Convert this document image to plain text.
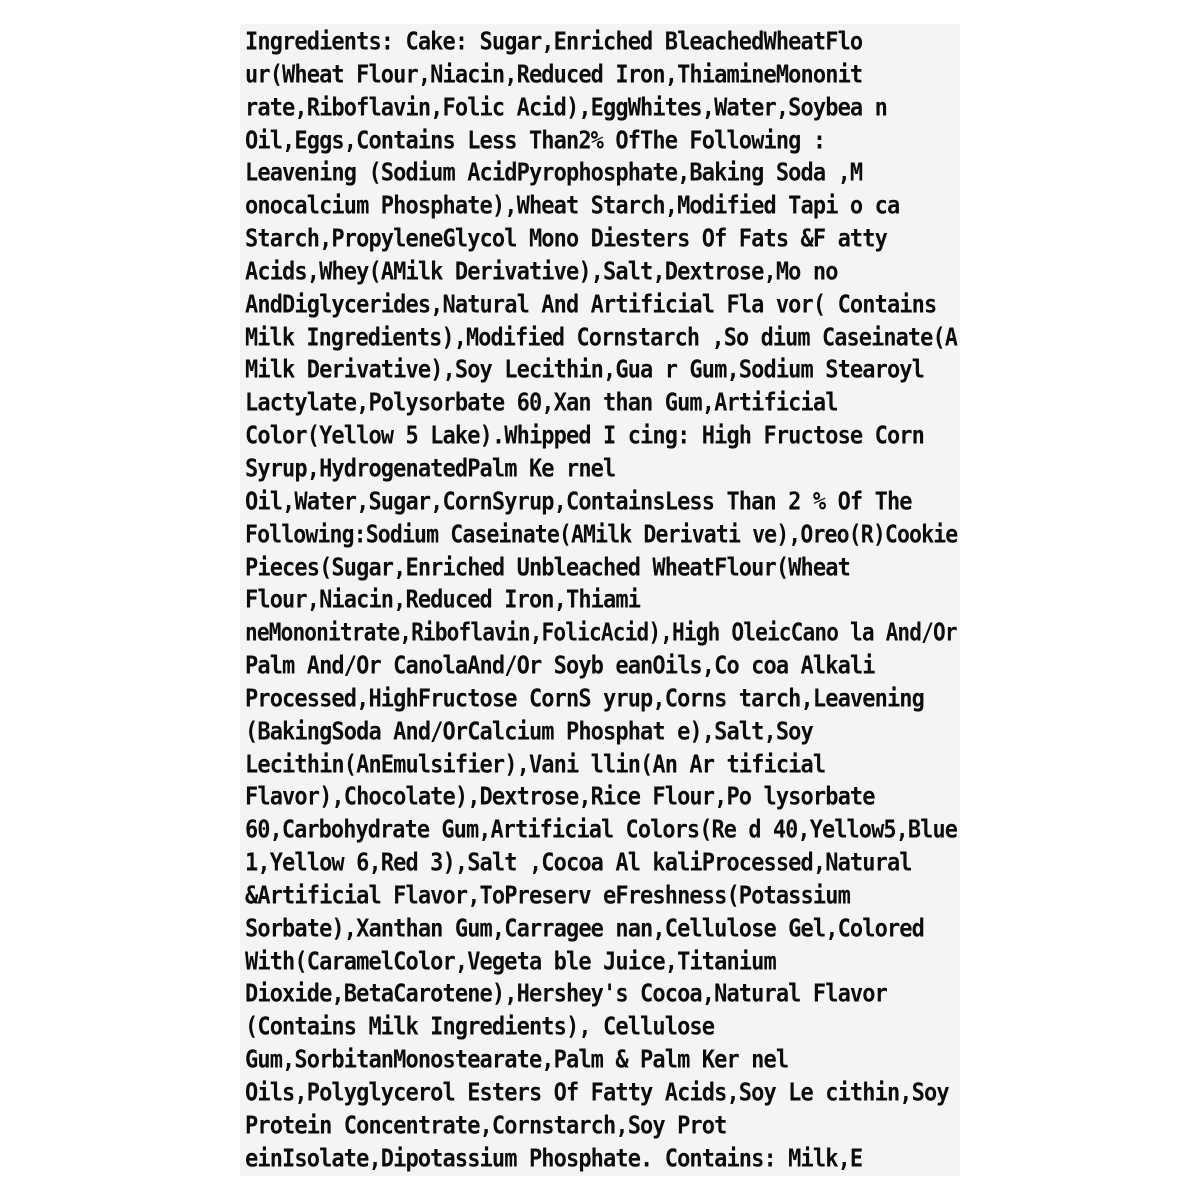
Ingredients: Cake: Sugar,Enriched BleachedWheatFlo
ur(Wheat Flour,Niacin,Reduced Iron,ThiamineMononit
rate,Riboflavin,Folic Acid),EggWhites,Water,Soybea n
Oil,Eggs,Contains Less Than2% OfThe Following :
Leavening (Sodium AcidPyrophosphate,Baking Soda ,M
onocalcium Phosphate),Wheat Starch,Modified Tapi o ca
Starch,PropyleneGlycol Mono Diesters Of Fats &F atty
Acids,Whey(AMilk Derivative),Salt,Dextrose,Mo no
AndDiglycerides,Natural And Artificial Fla vor( Contains
Milk Ingredients),Modified Cornstarch ,So dium Caseinate(A
Milk Derivative),Soy Lecithin,Gua r Gum,Sodium Stearoyl
Lactylate,Polysorbate 60,Xan than Gum,Artificial
Color(Yellow 5 Lake).Whipped I cing: High Fructose Corn
Syrup,HydrogenatedPalm Ke rnel
Oil,Water,Sugar,CornSyrup,ContainsLess Than 2 % Of The
Following:Sodium Caseinate(AMilk Derivati ve),Oreo(R)Cookie
Pieces(Sugar,Enriched Unbleached WheatFlour(Wheat
Flour,Niacin,Reduced Iron,Thiami
neMononitrate,Riboflavin,FolicAcid),High OleicCano la And/Or
Palm And/Or CanolaAnd/Or Soyb eanOils,Co coa Alkali
Processed,HighFructose CornS yrup,Corns tarch,Leavening
(BakingSoda And/OrCalcium Phosphat e),Salt,Soy
Lecithin(AnEmulsifier),Vani llin(An Ar tificial
Flavor),Chocolate),Dextrose,Rice Flour,Po lysorbate
60,Carbohydrate Gum,Artificial Colors(Re d 40,Yellow5,Blue
1,Yellow 6,Red 3),Salt ,Cocoa Al kaliProcessed,Natural
&Artificial Flavor,ToPreserv eFreshness(Potassium
Sorbate),Xanthan Gum,Carragee nan,Cellulose Gel,Colored
With(CaramelColor,Vegeta ble Juice,Titanium
Dioxide,BetaCarotene),Hershey's Cocoa,Natural Flavor
(Contains Milk Ingredients), Cellulose
Gum,SorbitanMonostearate,Palm & Palm Ker nel
Oils,Polyglycerol Esters Of Fatty Acids,Soy Le cithin,Soy
Protein Concentrate,Cornstarch,Soy Prot
einIsolate,Dipotassium Phosphate. Contains: Milk,E
